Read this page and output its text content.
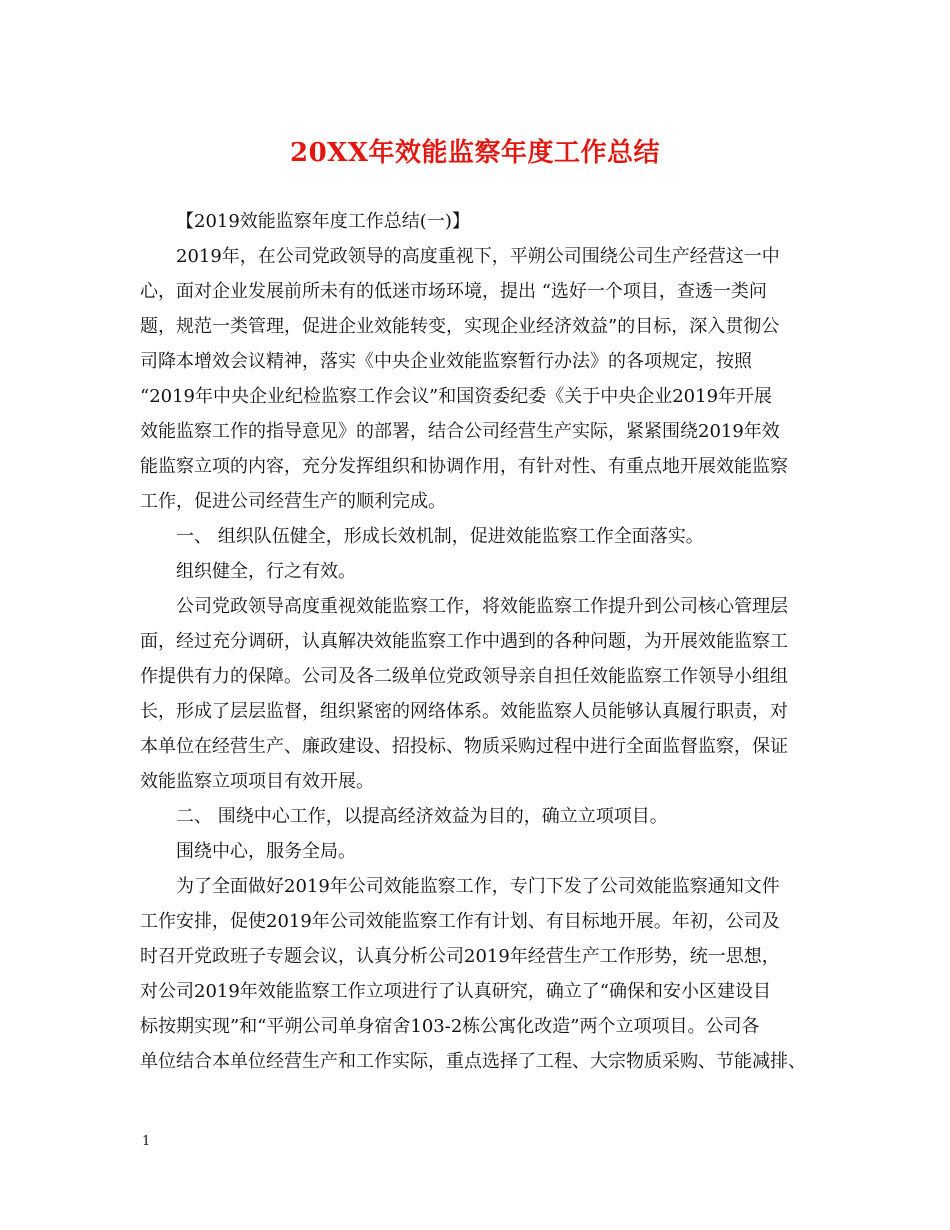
20XX年效能监察年度工作总结
【2019效能监察年度工作总结(一)】
2019年，在公司党政领导的高度重视下，平朔公司围绕公司生产经营这一中
心，面对企业发展前所未有的低迷市场环境，提出 “选好一个项目，查透一类问
题，规范一类管理，促进企业效能转变，实现企业经济效益”的目标，深入贯彻公
司降本增效会议精神，落实《中央企业效能监察暂行办法》的各项规定，按照
“2019年中央企业纪检监察工作会议”和国资委纪委《关于中央企业2019年开展
效能监察工作的指导意见》的部署，结合公司经营生产实际，紧紧围绕2019年效
能监察立项的内容，充分发挥组织和协调作用，有针对性、有重点地开展效能监察
工作，促进公司经营生产的顺利完成。
一、 组织队伍健全，形成长效机制，促进效能监察工作全面落实。
组织健全，行之有效。
公司党政领导高度重视效能监察工作，将效能监察工作提升到公司核心管理层
面，经过充分调研，认真解决效能监察工作中遇到的各种问题，为开展效能监察工
作提供有力的保障。公司及各二级单位党政领导亲自担任效能监察工作领导小组组
长，形成了层层监督，组织紧密的网络体系。效能监察人员能够认真履行职责，对
本单位在经营生产、廉政建设、招投标、物质采购过程中进行全面监督监察，保证
效能监察立项项目有效开展。
二、 围绕中心工作，以提高经济效益为目的，确立立项项目。
围绕中心，服务全局。
为了全面做好2019年公司效能监察工作，专门下发了公司效能监察通知文件
工作安排，促使2019年公司效能监察工作有计划、有目标地开展。年初，公司及
时召开党政班子专题会议，认真分析公司2019年经营生产工作形势，统一思想，
对公司2019年效能监察工作立项进行了认真研究，确立了“确保和安小区建设目
标按期实现”和“平朔公司单身宿舍103-2栋公寓化改造”两个立项项目。公司各
单位结合本单位经营生产和工作实际，重点选择了工程、大宗物质采购、节能减排、
1
